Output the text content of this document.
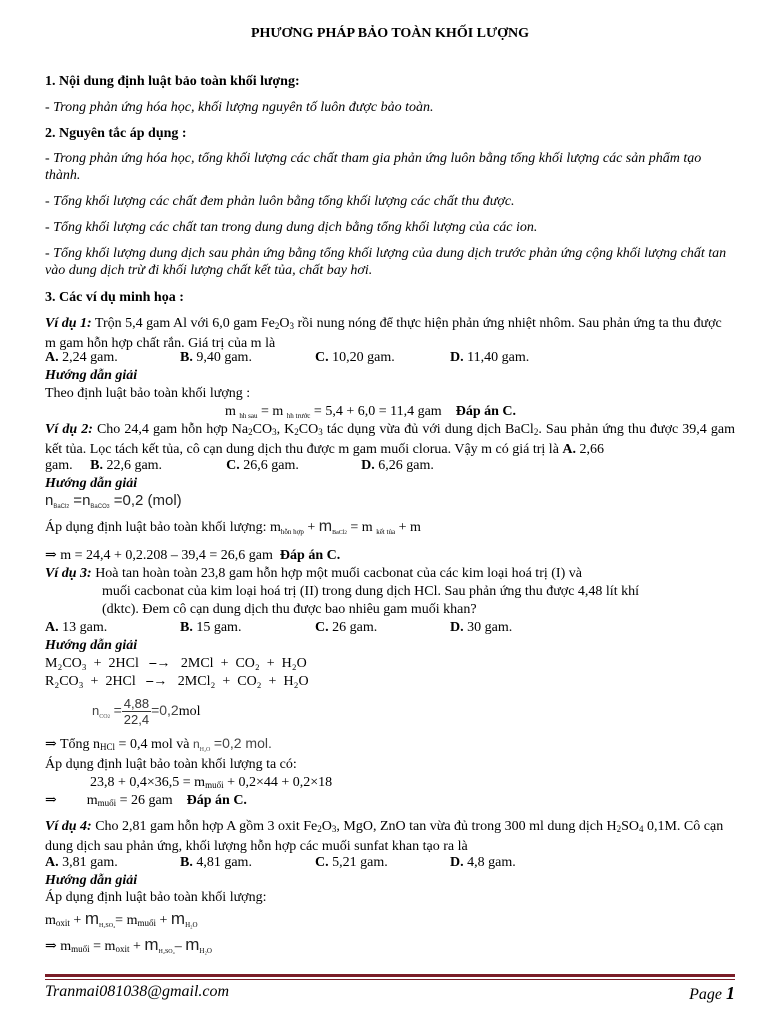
PHƯƠNG PHÁP BẢO TOÀN KHỐI LƯỢNG
1. Nội dung định luật bảo toàn khối lượng:
- Trong phản ứng hóa học, khối lượng nguyên tố luôn được bảo toàn.
2. Nguyên tắc áp dụng :
- Trong phản ứng hóa học, tổng khối lượng các chất tham gia phản ứng luôn bằng tổng khối lượng các sản phẩm tạo thành.
- Tổng khối lượng các chất đem phản luôn bằng tổng khối lượng các chất thu được.
- Tổng khối lượng các chất tan trong dung dung dịch bằng tổng khối lượng của các ion.
- Tổng khối lượng dung dịch sau phản ứng bằng tổng khối lượng của dung dịch trước phản ứng cộng khối lượng chất tan vào dung dịch trừ đi khối lượng chất kết tủa, chất bay hơi.
3. Các ví dụ minh họa :
Ví dụ 1: Trộn 5,4 gam Al với 6,0 gam $Fe_2O_3$ rồi nung nóng để thực hiện phản ứng nhiệt nhôm. Sau phản ứng ta thu được m gam hỗn hợp chất rắn. Giá trị của m là
A. 2,24 gam.	B. 9,40 gam.	C. 10,20 gam.	D. 11,40 gam.
Hướng dẫn giải
Theo định luật bảo toàn khối lượng :
m $_{hh sau}$ = m $_{hh trước}$ = 5,4 + 6,0 = 11,4 gam Đáp án C.
Ví dụ 2: Cho 24,4 gam hỗn hợp $Na_2CO_3$, $K_2CO_3$ tác dụng vừa đủ với dung dịch BaCl$_2$. Sau phản ứng thu được 39,4 gam kết tủa. Lọc tách kết tủa, cô cạn dung dịch thu được m gam muối clorua. Vậy m có giá trị là A. 2,66
gam. B. 22,6 gam.	C. 26,6 gam.	D. 6,26 gam.
Hướng dẫn giải
$n_{BaCl2} =n_{BaCO3} =0,2$ (mol)
Áp dụng định luật bảo toàn khối lượng: $m_{hỗn hợp} + m_{BaCl2} = m$ $_{kết tủa}$ + m
⇒ m = 24,4 + 0,2.208 – 39,4 = 26,6 gam Đáp án C.
Ví dụ 3: Hoà tan hoàn toàn 23,8 gam hỗn hợp một muối cacbonat của các kim loại hoá trị (I) và
muối cacbonat của kim loại hoá trị (II) trong dung dịch HCl. Sau phản ứng thu được 4,48 lít khí
(dktc). Đem cô cạn dung dịch thu được bao nhiêu gam muối khan?
A. 13 gam.	B. 15 gam.	C. 26 gam.	D. 30 gam.
Hướng dẫn giải
M₂CO₃  +  2HCl   ⎯→   2MCl  +  CO₂  +  H₂O
R₂CO₃  +  2HCl   ⎯→   2MCl₂  +  CO₂  +  H₂O
$n_{CO2} = \frac{4,88}{22,4} =0,2mol$
⇒ Tổng $n_{HCl} = 0,4$ mol và $n_{H_2O} =0,2$ mol.
Áp dụng định luật bảo toàn khối lượng ta có:
$23,8 + 0,4\times 36,5 = m_{muối} + 0,2\times 44 + 0,2\times 18$
⇒ $m_{muối} = 26$ gam Đáp án C.
Ví dụ 4: Cho 2,81 gam hỗn hợp A gồm 3 oxit $Fe_2O_3$, MgO, ZnO tan vừa đủ trong 300 ml dung dịch $H_2SO_4$ 0,1M. Cô cạn dung dịch sau phản ứng, khối lượng hỗn hợp các muối sunfat khan tạo ra là
A. 3,81 gam.	B. 4,81 gam.	C. 5,21 gam.	D. 4,8 gam.
Hướng dẫn giải
Áp dụng định luật bảo toàn khối lượng:
$m_{oxit} + m_{H_2SO_4}= m_{muối} + m_{H_2O}$
⇒ $m_{muối} = m_{oxit} + m_{H_2SO_4}-$ $m_{H_2O}$
Tranmai081038@gmail.com	Page 1
